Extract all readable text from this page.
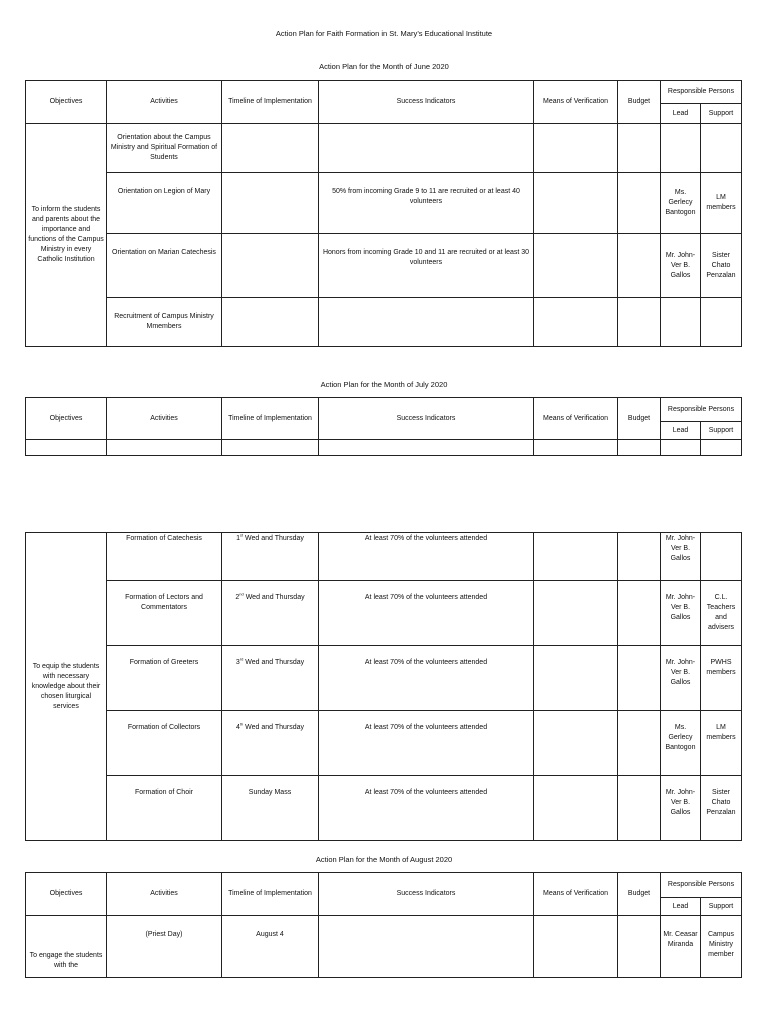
Action Plan for Faith Formation in St. Mary’s Educational Institute
Action Plan for the Month of June 2020
Objectives	Activities	Timeline of Implementation	Success Indicators	Means of Verification	Budget	Responsible Persons	
						Lead	Support
To inform the students and parents about the importance and functions of the Campus Ministry in every Catholic Institution	Orientation about the Campus Ministry and Spiritual Formation of Students						
	Orientation on Legion of Mary		50% from incoming Grade 9 to 11 are recruited or at least 40 volunteers			Ms. Gerlecy Bantogon	LM members
	Orientation on Marian Catechesis		Honors from incoming Grade 10 and 11 are recruited or at least 30 volunteers			Mr. John-Ver B. Gallos	Sister Chato Penzalan
	Recruitment of Campus Ministry Mmembers						
Action Plan for the Month of July 2020
Objectives	Activities	Timeline of Implementation	Success Indicators	Means of Verification	Budget	Responsible Persons	
						Lead	Support

To equip the students with necessary knowledge about their chosen liturgical services	Formation of Catechesis	1st Wed and Thursday	At least 70% of the volunteers attended			Mr. John-Ver B. Gallos	
	Formation of Lectors and Commentators	2nd Wed and Thursday	At least 70% of the volunteers attended			Mr. John-Ver B. Gallos	C.L. Teachers and advisers
	Formation of Greeters	3rd Wed and Thursday	At least 70% of the volunteers attended			Mr. John-Ver B. Gallos	PWHS members
	Formation of Collectors	4th Wed and Thursday	At least 70% of the volunteers attended			Ms. Gerlecy Bantogon	LM members
	Formation of Choir	Sunday Mass	At least 70% of the volunteers attended			Mr. John-Ver B. Gallos	Sister Chato Penzalan
Action Plan for the Month of August 2020
Objectives	Activities	Timeline of Implementation	Success Indicators	Means of Verification	Budget	Responsible Persons	
						Lead	Support
To engage the students with the	(Priest Day)	August 4				Mr. Ceasar Miranda	Campus Ministry member
